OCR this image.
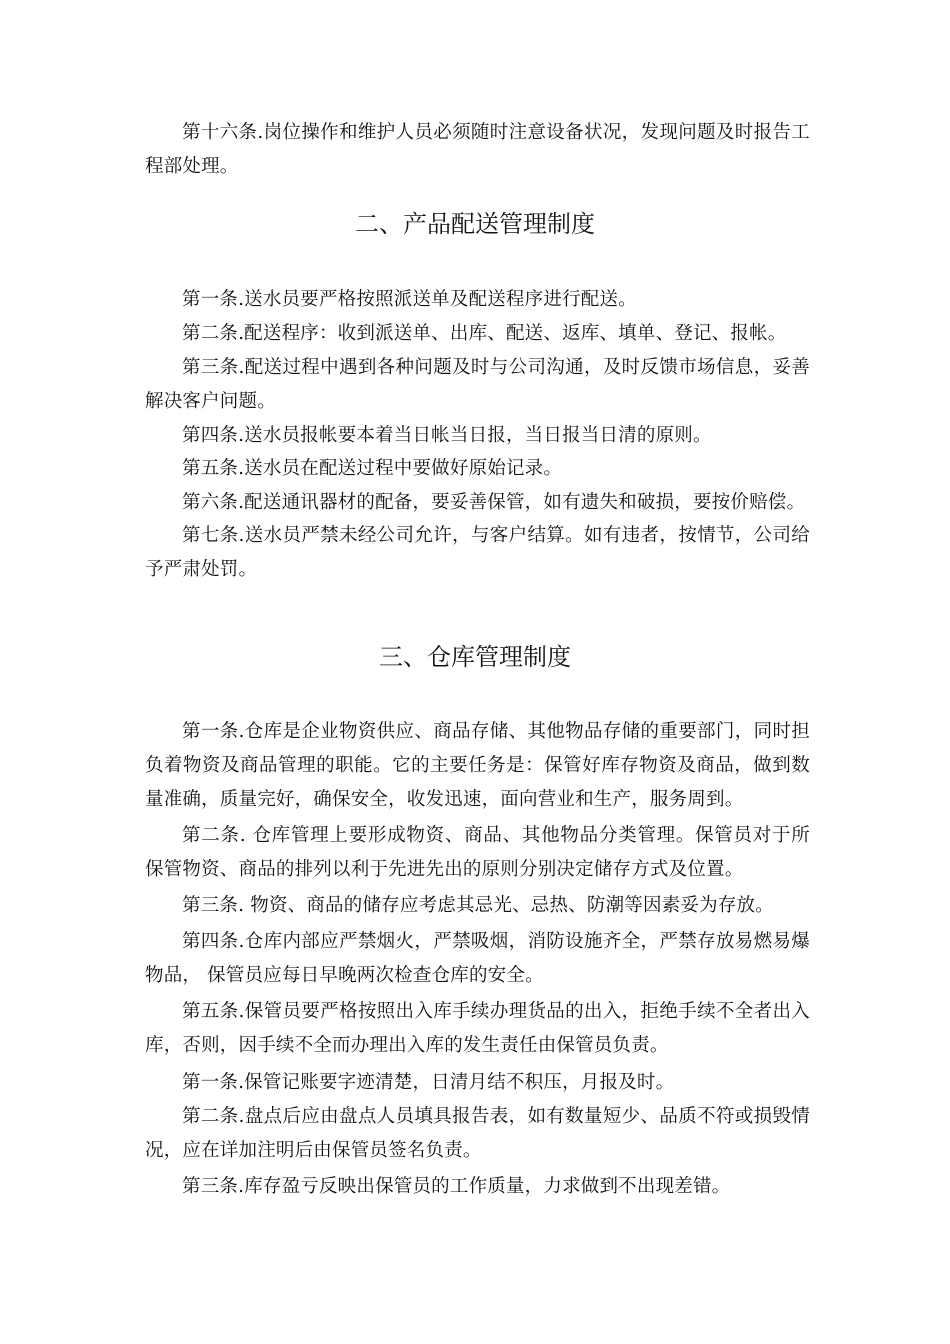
第十六条.岗位操作和维护人员必须随时注意设备状况，发现问题及时报告工程部处理。

二、产品配送管理制度

第一条.送水员要严格按照派送单及配送程序进行配送。

第二条.配送程序：收到派送单、出库、配送、返库、填单、登记、报帐。

第三条.配送过程中遇到各种问题及时与公司沟通，及时反馈市场信息，妥善解决客户问题。

第四条.送水员报帐要本着当日帐当日报，当日报当日清的原则。

第五条.送水员在配送过程中要做好原始记录。

第六条.配送通讯器材的配备，要妥善保管，如有遗失和破损，要按价赔偿。

第七条.送水员严禁未经公司允许，与客户结算。如有违者，按情节，公司给予严肃处罚。

三、仓库管理制度

第一条.仓库是企业物资供应、商品存储、其他物品存储的重要部门，同时担负着物资及商品管理的职能。它的主要任务是：保管好库存物资及商品，做到数量准确，质量完好，确保安全，收发迅速，面向营业和生产，服务周到。

第二条. 仓库管理上要形成物资、商品、其他物品分类管理。保管员对于所保管物资、商品的排列以利于先进先出的原则分别决定储存方式及位置。

第三条. 物资、商品的储存应考虑其忌光、忌热、防潮等因素妥为存放。

第四条.仓库内部应严禁烟火，严禁吸烟，消防设施齐全，严禁存放易燃易爆物品， 保管员应每日早晚两次检查仓库的安全。

第五条.保管员要严格按照出入库手续办理货品的出入，拒绝手续不全者出入库，否则，因手续不全而办理出入库的发生责任由保管员负责。

第一条.保管记账要字迹清楚，日清月结不积压，月报及时。

第二条.盘点后应由盘点人员填具报告表，如有数量短少、品质不符或损毁情况，应在详加注明后由保管员签名负责。

第三条.库存盈亏反映出保管员的工作质量，力求做到不出现差错。
